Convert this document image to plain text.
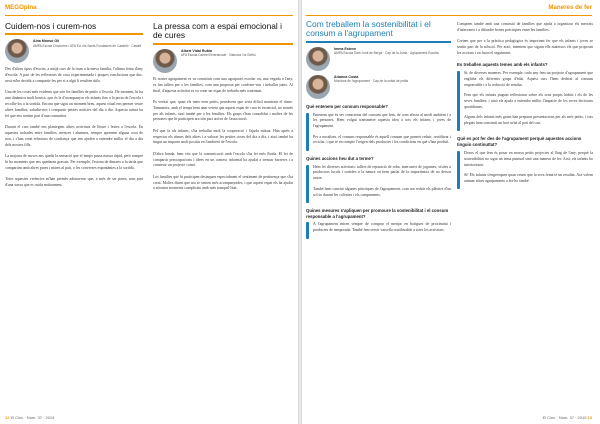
MEGOpina
Cuidem-nos i curem-nos
Aina Monsó Gil
AMPA Escola Cinctorres / AFA Ed. els Sants Fundadors de Castelló · Castell

Des d'altres tipus d'escrits, a mitjà curs de la tram a la meva familia, l'ultima feina d'any d'escola. A part de les reflexions de cosa experimentada i poques conclusions que duc, avui m'he decidit a compartir-les per si a algú li resulten útils.

Una de les cosas més evidents que són les famílies de petits a l'escola. De moment, hi ha una dinàmica molt bonica, que és la d'acompanyar els infants fins a la porta de l'escola i recollir-los a la sortida. Encara que sigui un moment breu, aquest ritual ens permet veure altres famílies, saludar-nos i compartir petites notícies del dia a dia. Aquesta rutina ha fet que ens sentim part d'una comunitat.

Durant el curs també ens plantegem altres activitats de lleure i festes a l'escola. En aquestes trobades entre famílies, mestres i alumnes, sempre aprenem alguna cosa de nou, i s'han creat relacions de confiança que ens ajuden a entendre millor el dia a dia dels nostres fills.

La majoria de cursos ens queda la sensació que el temps passa massa ràpid, però sempre hi ha moments que ens quedaran gravats. Per exemple, l'estona de dimarts a la tarda que compartim amb altres pares i mares al pati, o les converses espontànies a la sortida.

Totes aquestes vivències m'han permès adonar-me que, a més de ser pares, som part d'una xarxa que es cuida mútuament.

La pressa com a espai emocional i de cures
Albert Vidal Rubio
AFA Escola Carmel Eixeranocat · Vilanova i la Geltrú

El nostre agrupament es va constituir com una agrupació escolar on, una vegada a l'any, es fan tallers per a les famílies, com una proposta per conèixer-nos i treballar junts. Al final, d'aquesta activitat es va crear un espai de trobada més continuat.

Es veritat que, quan els nens eren petits, pensàvem que seria difícil mantenir el ritme. Tanmateix, amb el temps hem anat veient que aquest espai de cura és essencial, no només per als infants, sinó també per a les famílies. Els grups s'han consolidat i moltes de les persones que hi participen ara són part activa de l'associació.

Pel que fa als infants, s'ha treballat molt la cooperació i l'ajuda mútua. Han après a respectar els ritmes dels altres i a valorar les petites coses del dia a dia, i això també ha tingut un impacte molt positiu en l'ambient de l'escola.

D'altra banda, hem vist que la comunicació amb l'escola s'ha fet més fluida. El fet de compartir preocupacions i idees en un context informal ha ajudat a trencar barreres i a construir un projecte comú.

Les famílies que hi participen destaquen especialment el sentiment de pertinença que s'ha creat. Moltes diuen que ara se senten més acompanyades, i que aquest espai els ha ajudat a afrontar moments complicats amb més tranquil·litat.

12 El Cinc · Núm. 37 · 2019
Maneres de fer
Com treballem la sostenibilitat i el consum a l'agrupament
Imma Esteve
AMPA Escola Sant Jordi de Berga · Cap de la Junta · Agrupament Escolta
Arianna Costa
Monitora de l'agrupament · Cap de la unitat de petits
Què entenem per consum responsable?

Entenem que és ser conscients del consum que fem, de com afecta al medi ambient i a les persones. Hem volgut transmetre aquesta idea a tots els infants i joves de l'agrupament.

Per a nosaltres, el consum responsable és aquell consum que permet reduir, reutilitzar i reciclar, i que té en compte l'origen dels productes i les condicions en què s'han produït.

Quines accions heu dut a terme?

Hem fet diverses activitats: tallers de reparació de roba, intercanvi de joguines, visites a productors locals i sortides a la natura on hem parlat de la importància de no deixar rastre.

També hem canviat algunes pràctiques de l'agrupament, com ara reduir els plàstics d'un sol ús durant les colònies i els campaments.

Quines mesures s'apliquen per promoure la sostenibilitat i el consum responsable a l'agrupament?

A l'agrupament miren sempre de comprar el menjar en botigues de proximitat i productes de temporada. També fem servir vaixella reutilitzable a totes les activitats.

Comptem també amb una comissió de famílies que ajuda a organitzar els mercats d'intercanvi i a difondre bones pràctiques entre les famílies.

Creiem que per a la pràctica pedagògica és important fer que els infants i joves se sentin part de la solució. Per això, intentem que siguin ells mateixos els que proposin les accions i en facin el seguiment.

Es treballen aquests temes amb els infants?

Sí, de diverses maneres. Per exemple, cada any fem un projecte d'agrupament que engloba els diferents grups d'edat. Aquest curs l'hem dedicat al consum responsable i a la reducció de residus.

Fem que els infants puguin reflexionar sobre els seus propis hàbits i els de les seves famílies, i això els ajuda a entendre millor l'impacte de les seves decisions quotidianes.

Alguns dels infants més grans han preparat presentacions per als més petits, i tots plegats hem construït un hort urbà al pati del cau.

Què es pot fer des de l'agrupament perquè aquestes accions tinguin continuïtat?

Doncs el que fem és posar en marxa petits projectes al llarg de l'any, perquè la sostenibilitat no sigui un tema puntual sinó una manera de fer. Així, els infants ho interioritzen.

Sí! Els infants s'engresquen quan veuen que la seva feina té un resultat. Ara volem animar altres agrupaments a fer-ho també.

El Cinc · Núm. 37 · 2019 13
